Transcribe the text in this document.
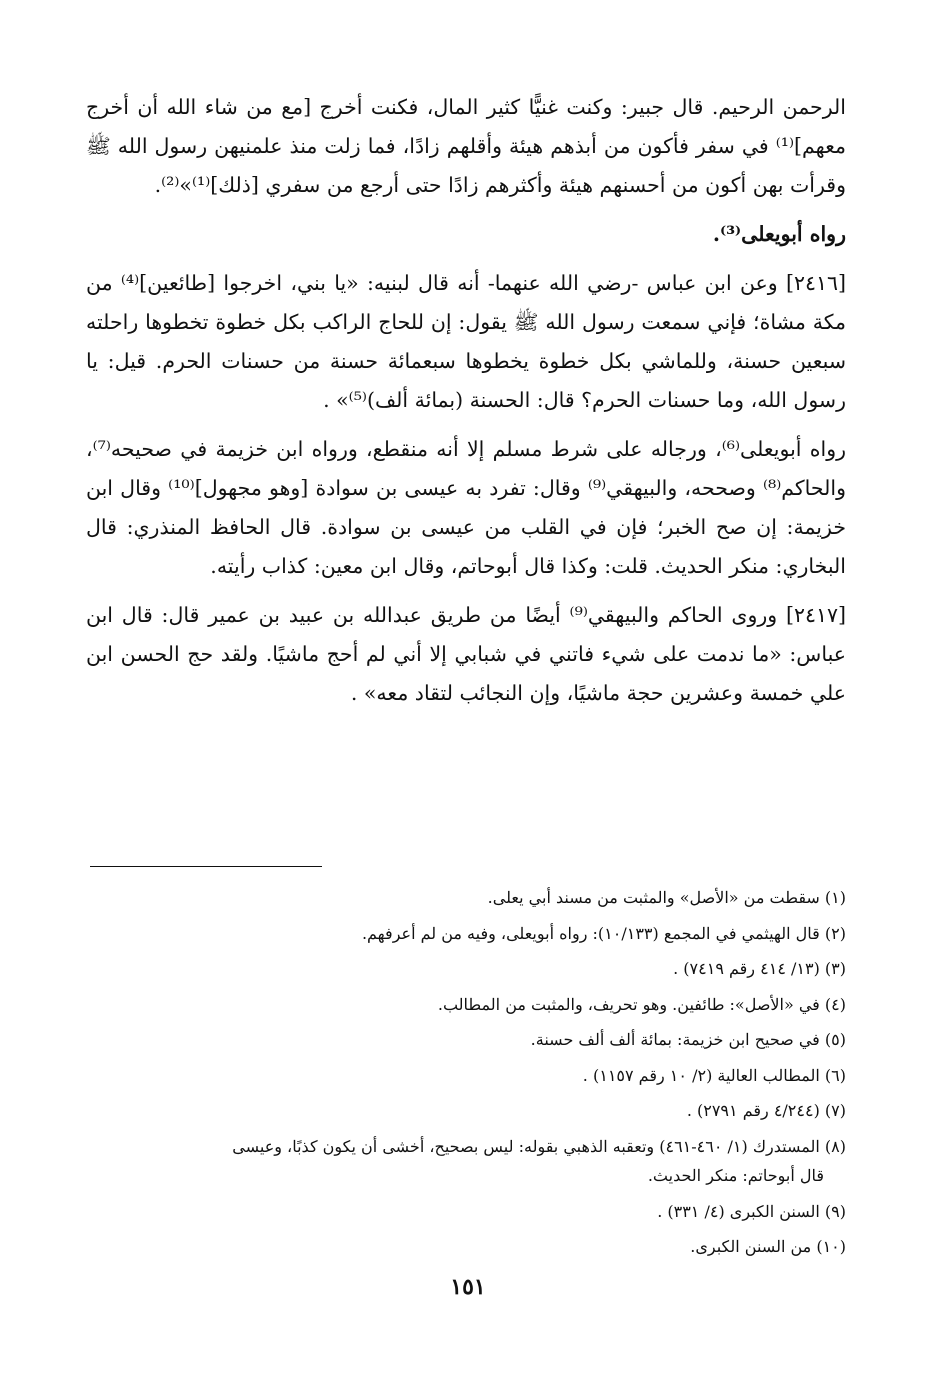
الرحمن الرحيم. قال جبير: وكنت غنيًّا كثير المال، فكنت أخرج [مع من شاء الله أن أخرج معهم]⁽¹⁾ في سفر فأكون من أبذهم هيئة وأقلهم زادًا، فما زلت منذ علمنيهن رسول الله ﷺ وقرأت بهن أكون من أحسنهم هيئة وأكثرهم زادًا حتى أرجع من سفري [ذلك]⁽¹⁾»⁽²⁾.

رواه أبويعلى⁽³⁾.

[٢٤١٦] وعن ابن عباس -رضي الله عنهما- أنه قال لبنيه: «يا بني، اخرجوا [طائعين]⁽⁴⁾ من مكة مشاة؛ فإني سمعت رسول الله ﷺ يقول: إن للحاج الراكب بكل خطوة تخطوها راحلته سبعين حسنة، وللماشي بكل خطوة يخطوها سبعمائة حسنة من حسنات الحرم. قيل: يا رسول الله، وما حسنات الحرم؟ قال: الحسنة (بمائة ألف)⁽⁵⁾» .

رواه أبويعلى⁽⁶⁾، ورجاله على شرط مسلم إلا أنه منقطع، ورواه ابن خزيمة في صحيحه⁽⁷⁾، والحاكم⁽⁸⁾ وصححه، والبيهقي⁽⁹⁾ وقال: تفرد به عيسى بن سوادة [وهو مجهول]⁽¹⁰⁾ وقال ابن خزيمة: إن صح الخبر؛ فإن في القلب من عيسى بن سوادة. قال الحافظ المنذري: قال البخاري: منكر الحديث. قلت: وكذا قال أبوحاتم، وقال ابن معين: كذاب رأيته.

[٢٤١٧] وروى الحاكم والبيهقي⁽⁹⁾ أيضًا من طريق عبدالله بن عبيد بن عمير قال: قال ابن عباس: «ما ندمت على شيء فاتني في شبابي إلا أني لم أحج ماشيًا. ولقد حج الحسن ابن علي خمسة وعشرين حجة ماشيًا، وإن النجائب لتقاد معه» .

(١) سقطت من «الأصل» والمثبت من مسند أبي يعلى.

(٢) قال الهيثمي في المجمع (١٠/١٣٣): رواه أبويعلى، وفيه من لم أعرفهم.

(٣) (١٣/ ٤١٤ رقم ٧٤١٩) .

(٤) في «الأصل»: طائفين. وهو تحريف، والمثبت من المطالب.

(٥) في صحيح ابن خزيمة: بمائة ألف ألف حسنة.

(٦) المطالب العالية (٢/ ١٠ رقم ١١٥٧) .

(٧) (٤/٢٤٤ رقم ٢٧٩١) .

(٨) المستدرك (١/ ٤٦٠-٤٦١) وتعقبه الذهبي بقوله: ليس بصحيح، أخشى أن يكون كذبًا، وعيسى

قال أبوحاتم: منكر الحديث.

(٩) السنن الكبرى (٤/ ٣٣١) .

(١٠) من السنن الكبرى.

١٥١
